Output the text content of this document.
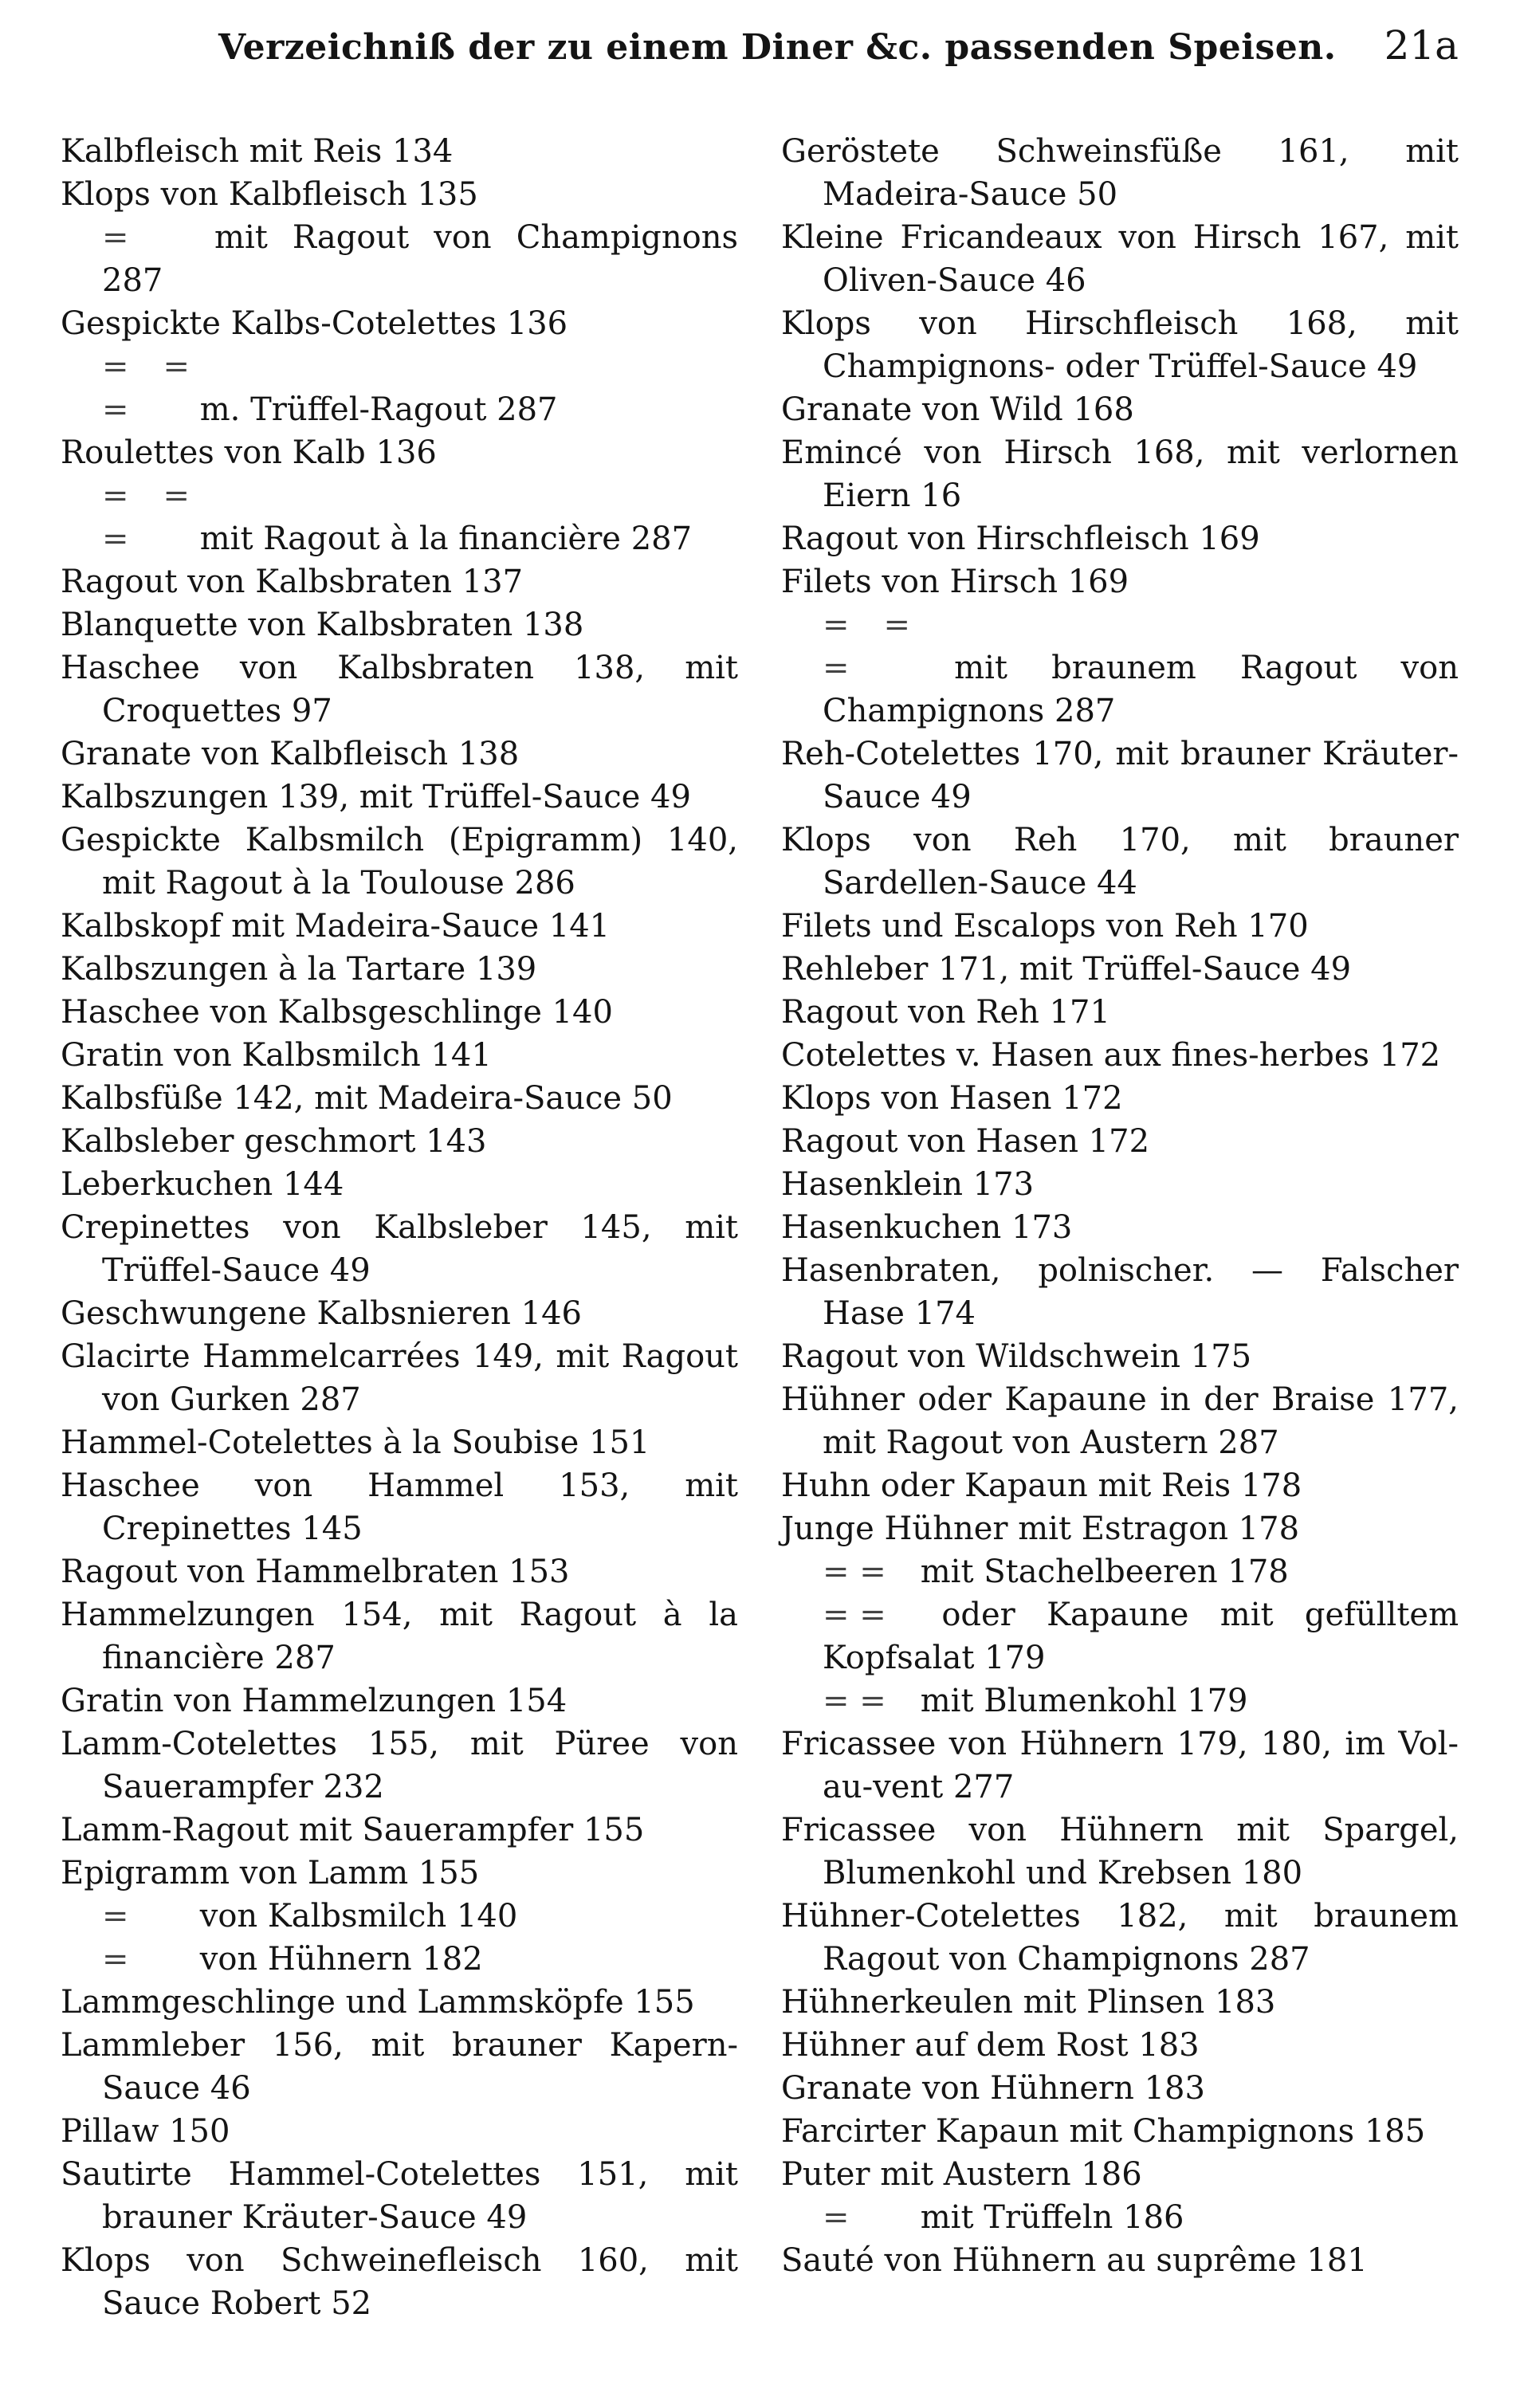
Verzeichniß der zu einem Diner &c. passenden Speisen. 21a

Kalbfleisch mit Reis 134

Klops von Kalbfleisch 135

=	mit Ragout von Champignons 287

Gespickte Kalbs-Cotelettes 136

= = = m. Trüffel-Ragout 287

Roulettes von Kalb 136

= = = mit Ragout à la financière 287

Ragout von Kalbsbraten 137

Blanquette von Kalbsbraten 138

Haschee von Kalbsbraten 138, mit Croquettes 97

Granate von Kalbfleisch 138

Kalbszungen 139, mit Trüffel-Sauce 49

Gespickte Kalbsmilch (Epigramm) 140, mit Ragout à la Toulouse 286

Kalbskopf mit Madeira-Sauce 141

Kalbszungen à la Tartare 139

Haschee von Kalbsgeschlinge 140

Gratin von Kalbsmilch 141

Kalbsfüße 142, mit Madeira-Sauce 50

Kalbsleber geschmort 143

Leberkuchen 144

Crepinettes von Kalbsleber 145, mit Trüffel-Sauce 49

Geschwungene Kalbsnieren 146

Glacirte Hammelcarrées 149, mit Ragout von Gurken 287

Hammel-Cotelettes à la Soubise 151

Haschee von Hammel 153, mit Crepinettes 145

Ragout von Hammelbraten 153

Hammelzungen 154, mit Ragout à la financière 287

Gratin von Hammelzungen 154

Lamm-Cotelettes 155, mit Püree von Sauerampfer 232

Lamm-Ragout mit Sauerampfer 155

Epigramm von Lamm 155

= von Kalbsmilch 140

= von Hühnern 182

Lammgeschlinge und Lammsköpfe 155

Lammleber 156, mit brauner Kapern-Sauce 46

Pillaw 150

Sautirte Hammel-Cotelettes 151, mit brauner Kräuter-Sauce 49

Klops von Schweinefleisch 160, mit Sauce Robert 52

Geröstete Schweinsfüße 161, mit Madeira-Sauce 50

Kleine Fricandeaux von Hirsch 167, mit Oliven-Sauce 46

Klops von Hirschfleisch 168, mit Champignons- oder Trüffel-Sauce 49

Granate von Wild 168

Emincé von Hirsch 168, mit verlornen Eiern 16

Ragout von Hirschfleisch 169

Filets von Hirsch 169

= = =	mit braunem Ragout von Champignons 287

Reh-Cotelettes 170, mit brauner Kräuter-Sauce 49

Klops von Reh 170, mit brauner Sardellen-Sauce 44

Filets und Escalops von Reh 170

Rehleber 171, mit Trüffel-Sauce 49

Ragout von Reh 171

Cotelettes v. Hasen aux fines-herbes 172

Klops von Hasen 172

Ragout von Hasen 172

Hasenklein 173

Hasenkuchen 173

Hasenbraten, polnischer. — Falscher Hase 174

Ragout von Wildschwein 175

Hühner oder Kapaune in der Braise 177, mit Ragout von Austern 287

Huhn oder Kapaun mit Reis 178

Junge Hühner mit Estragon 178

= = mit Stachelbeeren 178

= = oder Kapaune mit gefülltem Kopfsalat 179

= = mit Blumenkohl 179

Fricassee von Hühnern 179, 180, im Vol-au-vent 277

Fricassee von Hühnern mit Spargel, Blumenkohl und Krebsen 180

Hühner-Cotelettes 182, mit braunem Ragout von Champignons 287

Hühnerkeulen mit Plinsen 183

Hühner auf dem Rost 183

Granate von Hühnern 183

Farcirter Kapaun mit Champignons 185

Puter mit Austern 186

= mit Trüffeln 186

Sauté von Hühnern au suprême 181
